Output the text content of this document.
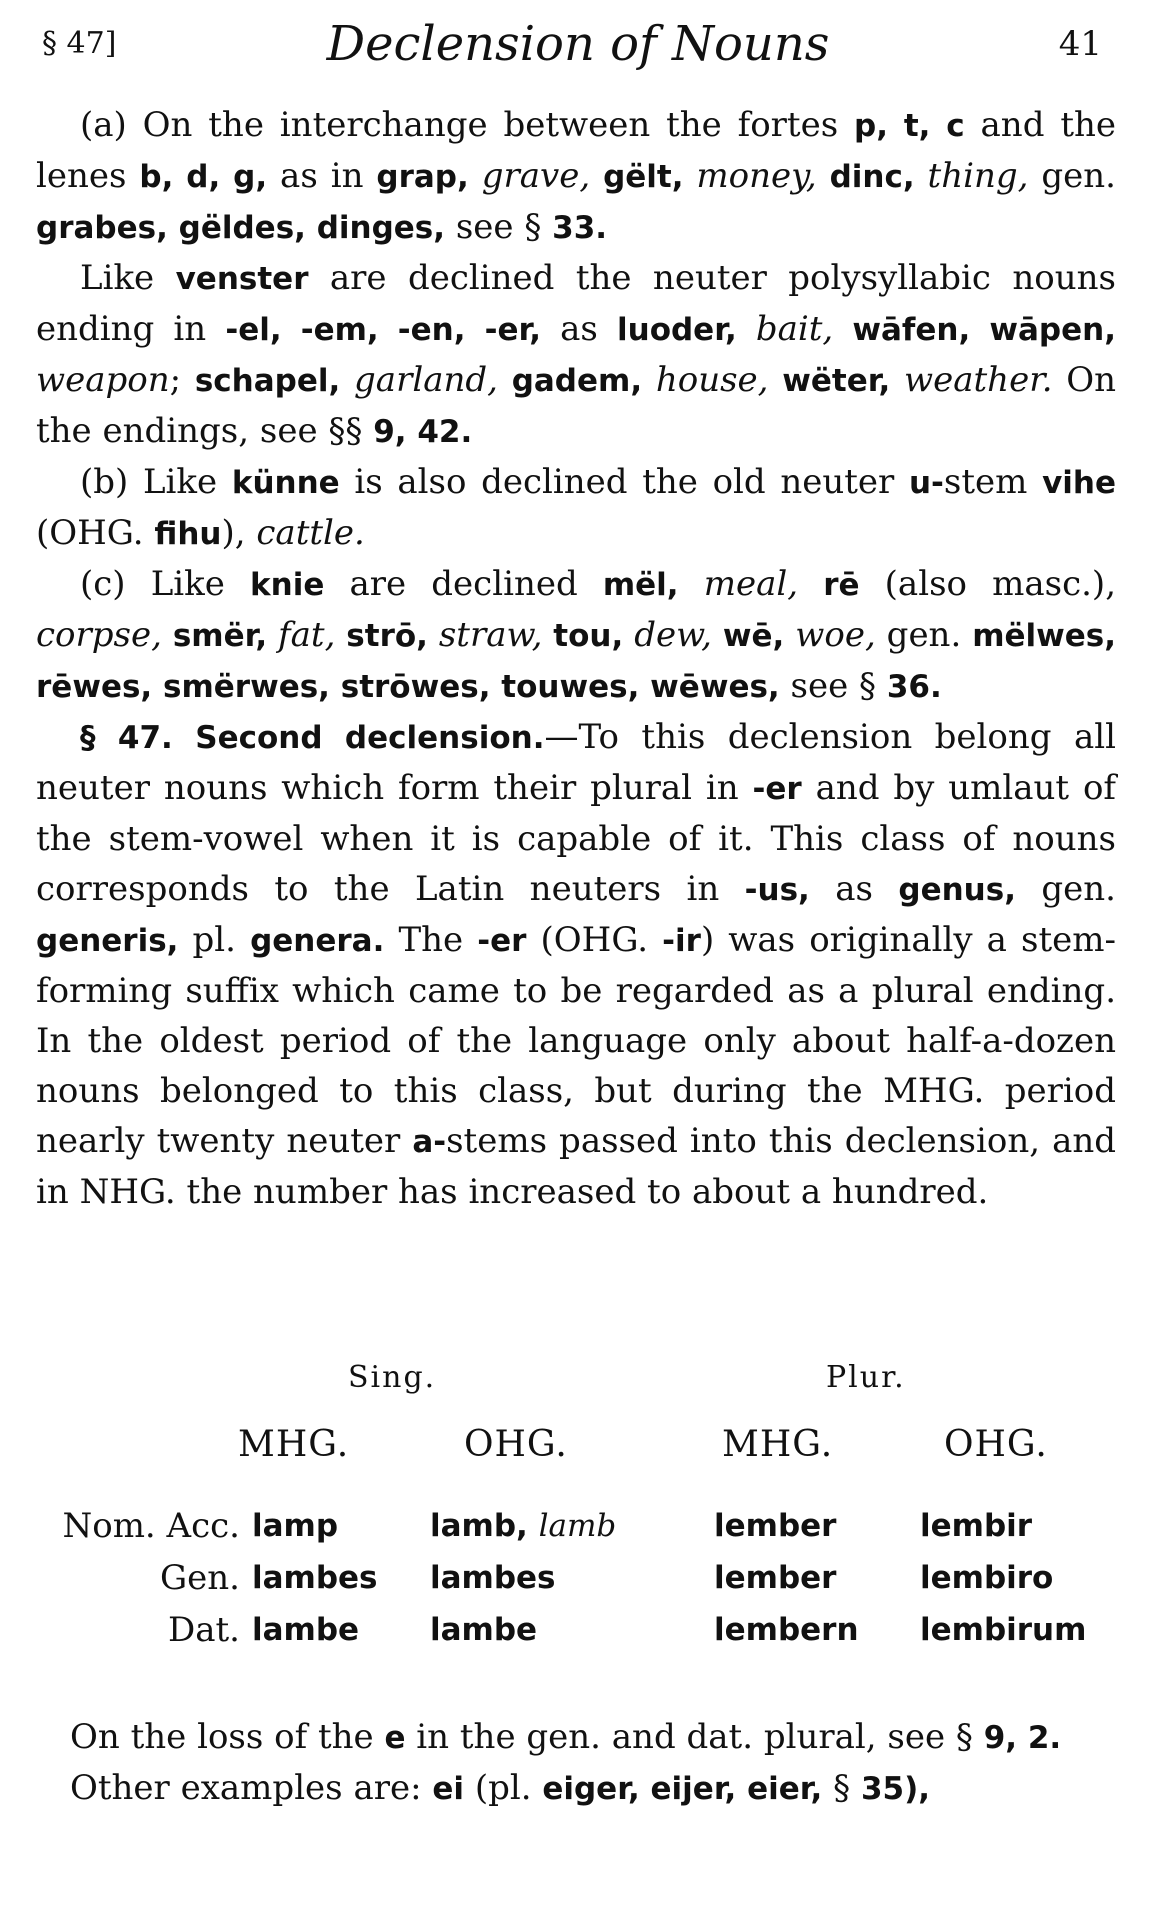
§ 47]	Declension of Nouns	41

(a) On the interchange between the fortes p, t, c and the lenes b, d, g, as in grap, grave, gëlt, money, dinc, thing, gen. grabes, gëldes, dinges, see § 33.

Like venster are declined the neuter polysyllabic nouns ending in -el, -em, -en, -er, as luoder, bait, wāfen, wāpen, weapon; schapel, garland, gadem, house, wëter, weather. On the endings, see §§ 9, 42.

(b) Like künne is also declined the old neuter u-stem vihe (OHG. fihu), cattle.

(c) Like knie are declined mël, meal, rē (also masc.), corpse, smër, fat, strō, straw, tou, dew, wē, woe, gen. mëlwes, rēwes, smërwes, strōwes, touwes, wēwes, see § 36.

§ 47. Second declension.—To this declension belong all neuter nouns which form their plural in -er and by umlaut of the stem-vowel when it is capable of it. This class of nouns corresponds to the Latin neuters in -us, as genus, gen. generis, pl. genera. The -er (OHG. -ir) was originally a stem-forming suffix which came to be regarded as a plural ending. In the oldest period of the language only about half-a-dozen nouns belonged to this class, but during the MHG. period nearly twenty neuter a-stems passed into this declension, and in NHG. the number has increased to about a hundred.

Sing.	Plur.
MHG.	OHG.	MHG.	OHG.
Nom. Acc.	lamp	lamb, lamb	lember	lembir
Gen.	lambes	lambes	lember	lembiro
Dat.	lambe	lambe	lembern	lembirum

On the loss of the e in the gen. and dat. plural, see § 9, 2.

Other examples are: ei (pl. eiger, eijer, eier, § 35),
